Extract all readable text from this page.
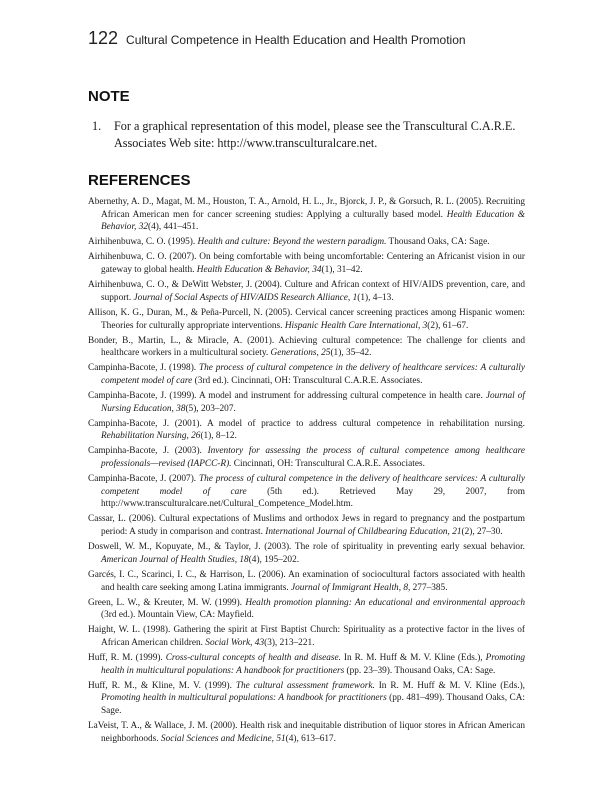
122 Cultural Competence in Health Education and Health Promotion
NOTE
1.	For a graphical representation of this model, please see the Transcultural C.A.R.E. Associates Web site: http://www.transculturalcare.net.
REFERENCES
Abernethy, A. D., Magat, M. M., Houston, T. A., Arnold, H. L., Jr., Bjorck, J. P., & Gorsuch, R. L. (2005). Recruiting African American men for cancer screening studies: Applying a culturally based model. Health Education & Behavior, 32(4), 441–451.
Airhihenbuwa, C. O. (1995). Health and culture: Beyond the western paradigm. Thousand Oaks, CA: Sage.
Airhihenbuwa, C. O. (2007). On being comfortable with being uncomfortable: Centering an Africanist vision in our gateway to global health. Health Education & Behavior, 34(1), 31–42.
Airhihenbuwa, C. O., & DeWitt Webster, J. (2004). Culture and African context of HIV/AIDS prevention, care, and support. Journal of Social Aspects of HIV/AIDS Research Alliance, 1(1), 4–13.
Allison, K. G., Duran, M., & Peña-Purcell, N. (2005). Cervical cancer screening practices among Hispanic women: Theories for culturally appropriate interventions. Hispanic Health Care International, 3(2), 61–67.
Bonder, B., Martin, L., & Miracle, A. (2001). Achieving cultural competence: The challenge for clients and healthcare workers in a multicultural society. Generations, 25(1), 35–42.
Campinha-Bacote, J. (1998). The process of cultural competence in the delivery of healthcare services: A culturally competent model of care (3rd ed.). Cincinnati, OH: Transcultural C.A.R.E. Associates.
Campinha-Bacote, J. (1999). A model and instrument for addressing cultural competence in health care. Journal of Nursing Education, 38(5), 203–207.
Campinha-Bacote, J. (2001). A model of practice to address cultural competence in rehabilitation nursing. Rehabilitation Nursing, 26(1), 8–12.
Campinha-Bacote, J. (2003). Inventory for assessing the process of cultural competence among healthcare professionals—revised (IAPCC-R). Cincinnati, OH: Transcultural C.A.R.E. Associates.
Campinha-Bacote, J. (2007). The process of cultural competence in the delivery of healthcare services: A culturally competent model of care (5th ed.). Retrieved May 29, 2007, from http://www.transculturalcare.net/Cultural_Competence_Model.htm.
Cassar, L. (2006). Cultural expectations of Muslims and orthodox Jews in regard to pregnancy and the postpartum period: A study in comparison and contrast. International Journal of Childbearing Education, 21(2), 27–30.
Doswell, W. M., Kopuyate, M., & Taylor, J. (2003). The role of spirituality in preventing early sexual behavior. American Journal of Health Studies, 18(4), 195–202.
Garcés, I. C., Scarinci, I. C., & Harrison, L. (2006). An examination of sociocultural factors associated with health and health care seeking among Latina immigrants. Journal of Immigrant Health, 8, 277–385.
Green, L. W., & Kreuter, M. W. (1999). Health promotion planning: An educational and environmental approach (3rd ed.). Mountain View, CA: Mayfield.
Haight, W. L. (1998). Gathering the spirit at First Baptist Church: Spirituality as a protective factor in the lives of African American children. Social Work, 43(3), 213–221.
Huff, R. M. (1999). Cross-cultural concepts of health and disease. In R. M. Huff & M. V. Kline (Eds.), Promoting health in multicultural populations: A handbook for practitioners (pp. 23–39). Thousand Oaks, CA: Sage.
Huff, R. M., & Kline, M. V. (1999). The cultural assessment framework. In R. M. Huff & M. V. Kline (Eds.), Promoting health in multicultural populations: A handbook for practitioners (pp. 481–499). Thousand Oaks, CA: Sage.
LaVeist, T. A., & Wallace, J. M. (2000). Health risk and inequitable distribution of liquor stores in African American neighborhoods. Social Sciences and Medicine, 51(4), 613–617.
